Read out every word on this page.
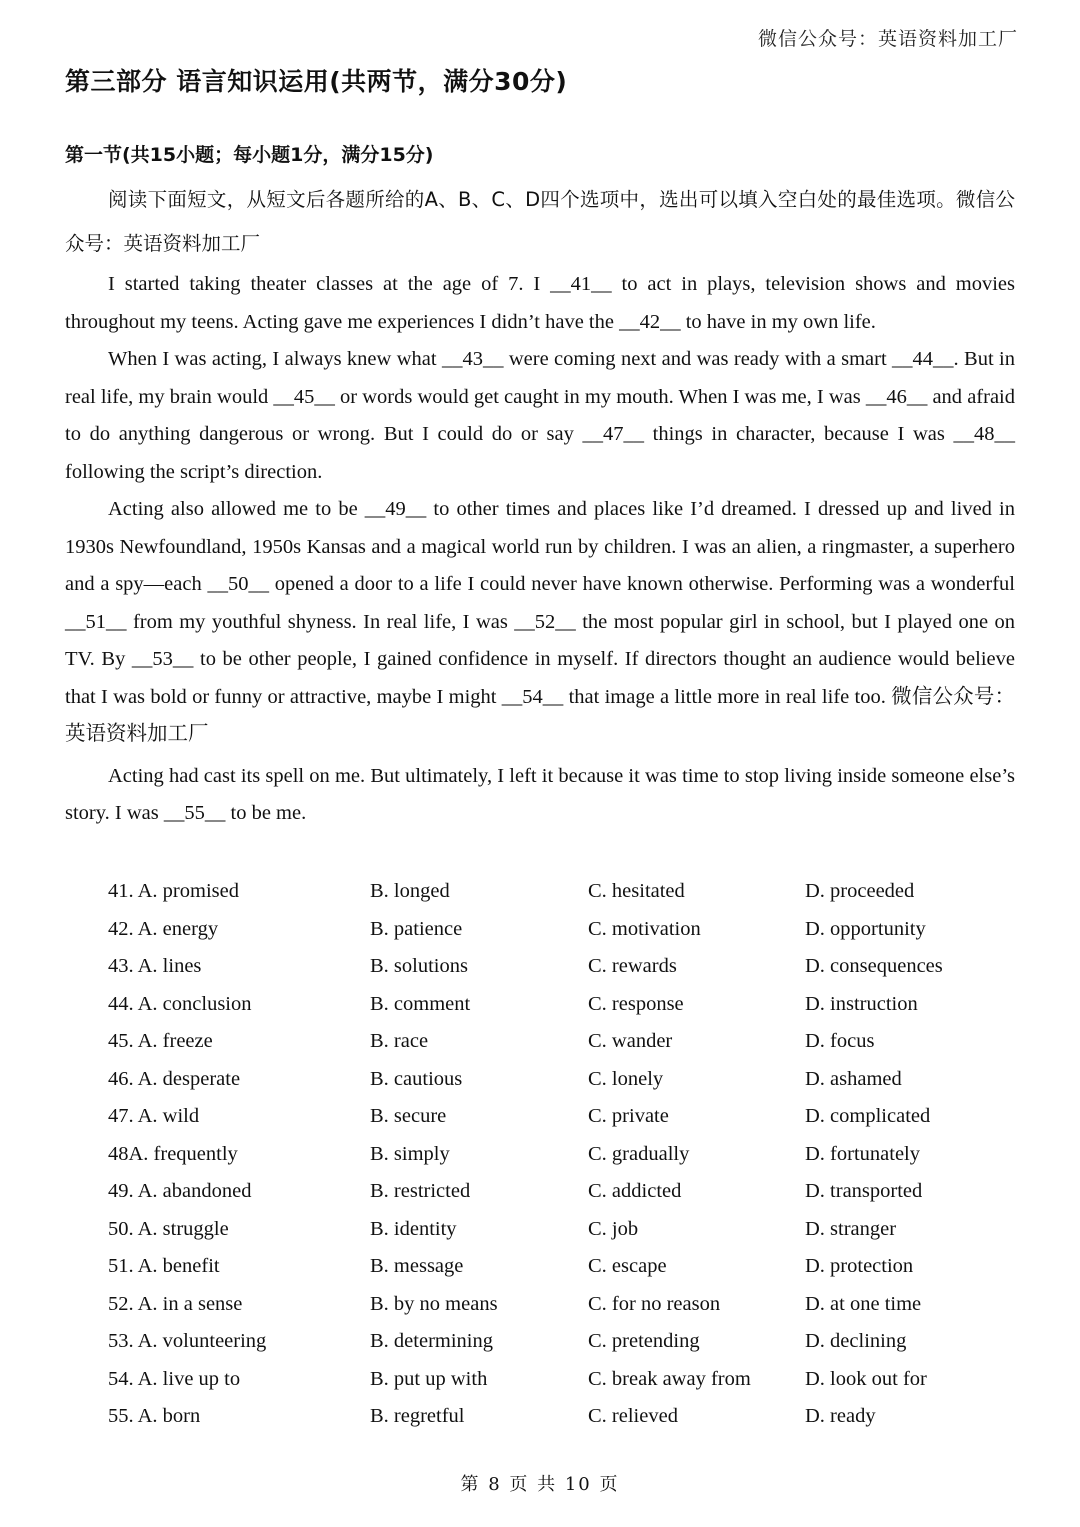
微信公众号：英语资料加工厂
第三部分 语言知识运用(共两节，满分30分)
第一节(共15小题；每小题1分，满分15分)

阅读下面短文，从短文后各题所给的A、B、C、D四个选项中，选出可以填入空白处的最佳选项。微信公众号：英语资料加工厂

I started taking theater classes at the age of 7. I __41__ to act in plays, television shows and movies throughout my teens. Acting gave me experiences I didn’t have the __42__ to have in my own life.

When I was acting, I always knew what __43__ were coming next and was ready with a smart __44__. But in real life, my brain would __45__ or words would get caught in my mouth. When I was me, I was __46__ and afraid to do anything dangerous or wrong. But I could do or say __47__ things in character, because I was __48__ following the script’s direction.

Acting also allowed me to be __49__ to other times and places like I’d dreamed. I dressed up and lived in 1930s Newfoundland, 1950s Kansas and a magical world run by children. I was an alien, a ringmaster, a superhero and a spy—each __50__ opened a door to a life I could never have known otherwise. Performing was a wonderful __51__ from my youthful shyness. In real life, I was __52__ the most popular girl in school, but I played one on TV. By __53__ to be other people, I gained confidence in myself. If directors thought an audience would believe that I was bold or funny or attractive, maybe I might __54__ that image a little more in real life too. 微信公众号：英语资料加工厂

Acting had cast its spell on me. But ultimately, I left it because it was time to stop living inside someone else’s story. I was __55__ to be me.

41. A. promised	B. longed	C. hesitated	D. proceeded
42. A. energy	B. patience	C. motivation	D. opportunity
43. A. lines	B. solutions	C. rewards	D. consequences
44. A. conclusion	B. comment	C. response	D. instruction
45. A. freeze	B. race	C. wander	D. focus
46. A. desperate	B. cautious	C. lonely	D. ashamed
47. A. wild	B. secure	C. private	D. complicated
48A. frequently	B. simply	C. gradually	D. fortunately
49. A. abandoned	B. restricted	C. addicted	D. transported
50. A. struggle	B. identity	C. job	D. stranger
51. A. benefit	B. message	C. escape	D. protection
52. A. in a sense	B. by no means	C. for no reason	D. at one time
53. A. volunteering	B. determining	C. pretending	D. declining
54. A. live up to	B. put up with	C. break away from	D. look out for
55. A. born	B. regretful	C. relieved	D. ready
第 8 页 共 10 页
